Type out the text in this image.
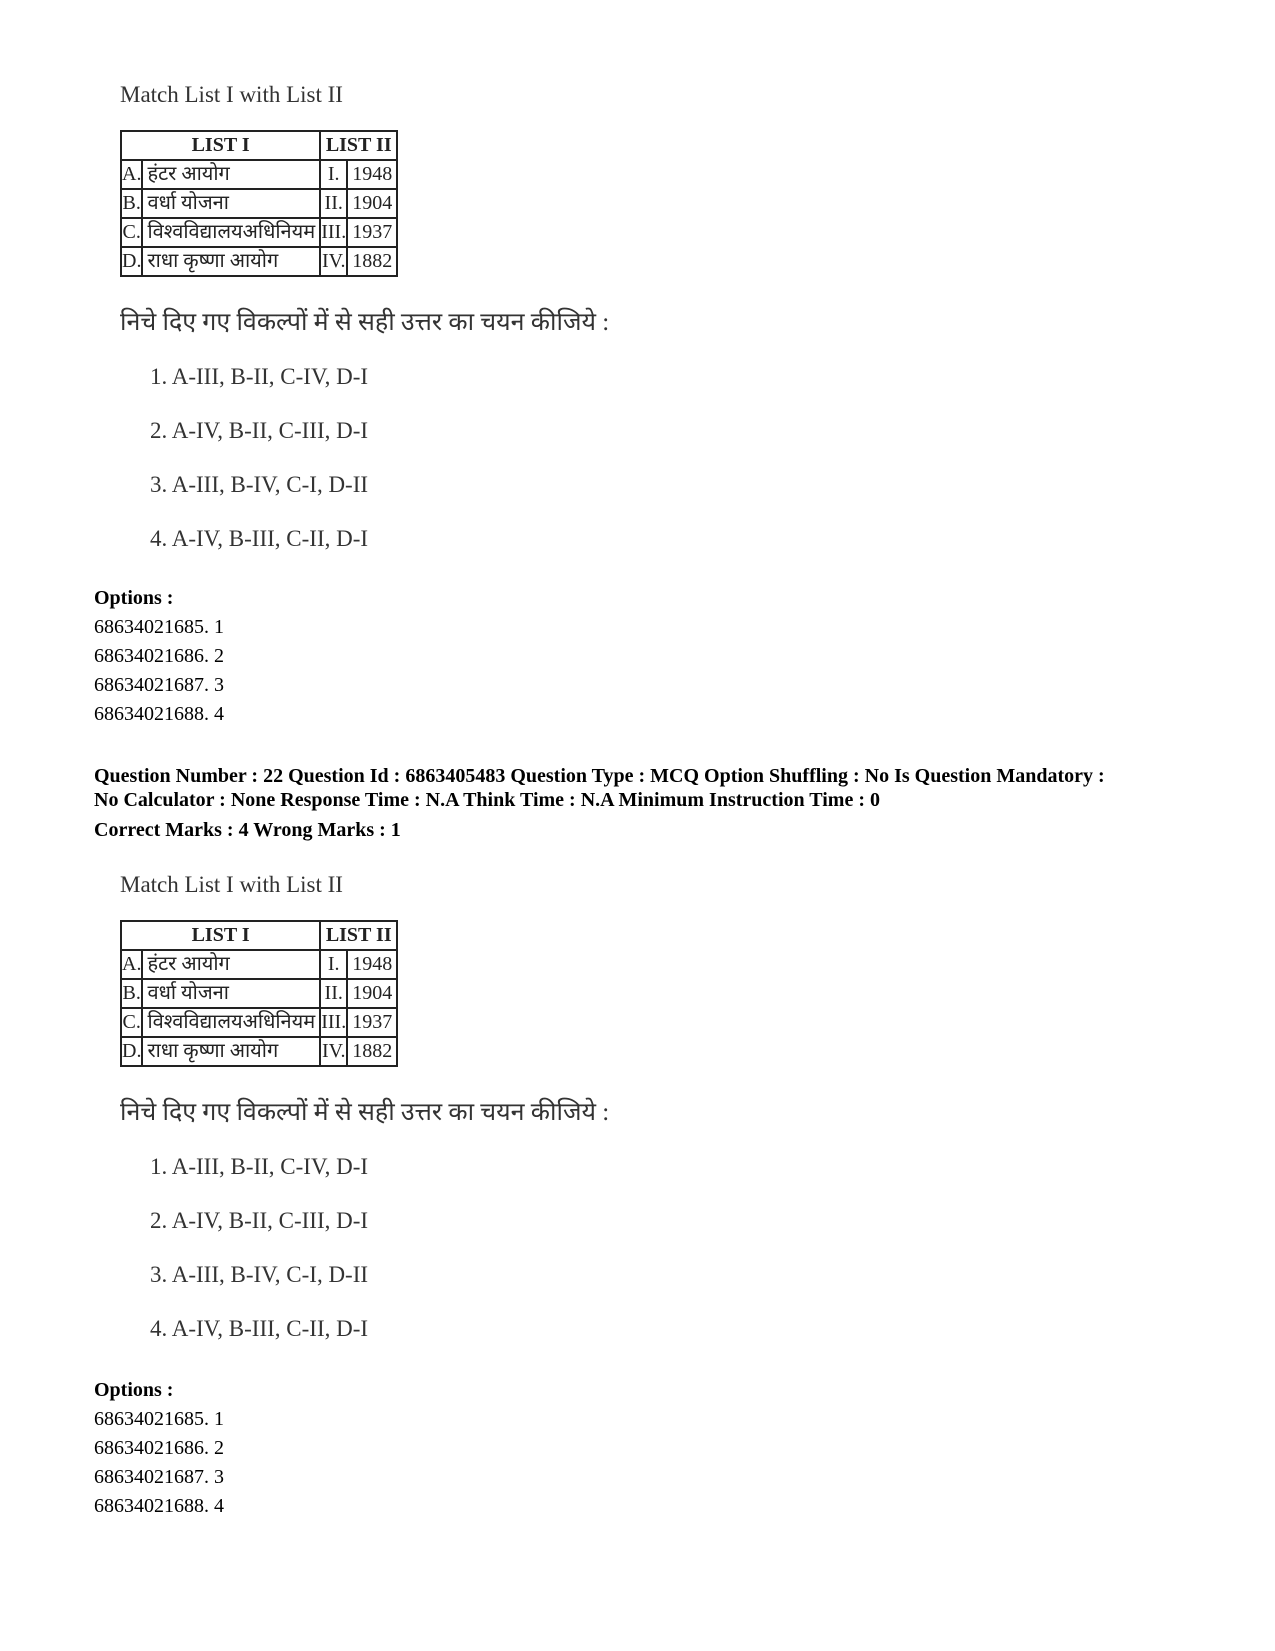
Match List I with List II
LIST I		LIST II	
A.	हंटर आयोग	I.	1948
B.	वर्धा योजना	II.	1904
C.	विश्वविद्यालयअधिनियम	III.	1937
D.	राधा कृष्णा आयोग	IV.	1882
निचे दिए गए विकल्पों में से सही उत्तर का चयन कीजिये :
1. A-III, B-II, C-IV, D-I
2. A-IV, B-II, C-III, D-I
3. A-III, B-IV, C-I, D-II
4. A-IV, B-III, C-II, D-I
Options :
68634021685. 1
68634021686. 2
68634021687. 3
68634021688. 4
Question Number : 22 Question Id : 6863405483 Question Type : MCQ Option Shuffling : No Is Question Mandatory :
No Calculator : None Response Time : N.A Think Time : N.A Minimum Instruction Time : 0
Correct Marks : 4 Wrong Marks : 1
Match List I with List II
LIST I		LIST II	
A.	हंटर आयोग	I.	1948
B.	वर्धा योजना	II.	1904
C.	विश्वविद्यालयअधिनियम	III.	1937
D.	राधा कृष्णा आयोग	IV.	1882
निचे दिए गए विकल्पों में से सही उत्तर का चयन कीजिये :
1. A-III, B-II, C-IV, D-I
2. A-IV, B-II, C-III, D-I
3. A-III, B-IV, C-I, D-II
4. A-IV, B-III, C-II, D-I
Options :
68634021685. 1
68634021686. 2
68634021687. 3
68634021688. 4
